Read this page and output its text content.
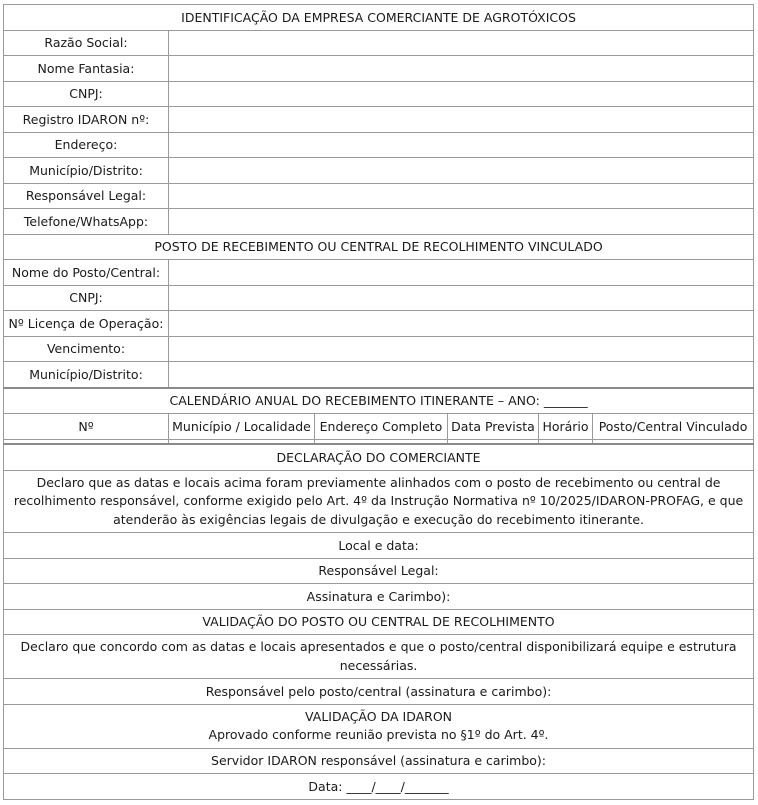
IDENTIFICAÇÃO DA EMPRESA COMERCIANTE DE AGROTÓXICOS					
Razão Social:					
Nome Fantasia:					
CNPJ:					
Registro IDARON nº:					
Endereço:					
Município/Distrito:					
Responsável Legal:					
Telefone/WhatsApp:					
POSTO DE RECEBIMENTO OU CENTRAL DE RECOLHIMENTO VINCULADO					
Nome do Posto/Central:					
CNPJ:					
Nº Licença de Operação:					
Vencimento:					
Município/Distrito:					
CALENDÁRIO ANUAL DO RECEBIMENTO ITINERANTE – ANO: _______					
Nº	Município / Localidade	Endereço Completo	Data Prevista	Horário	Posto/Central Vinculado

DECLARAÇÃO DO COMERCIANTE					
Declaro que as datas e locais acima foram previamente alinhados com o posto de recebimento ou central de recolhimento responsável, conforme exigido pelo Art. 4º da Instrução Normativa nº 10/2025/IDARON-PROFAG, e que atenderão às exigências legais de divulgação e execução do recebimento itinerante.					
Local e data:					
Responsável Legal:					
Assinatura e Carimbo):					
VALIDAÇÃO DO POSTO OU CENTRAL DE RECOLHIMENTO					
Declaro que concordo com as datas e locais apresentados e que o posto/central disponibilizará equipe e estrutura necessárias.					
Responsável pelo posto/central (assinatura e carimbo):					

VALIDAÇÃO DA IDARON
Aprovado conforme reunião prevista no §1º do Art. 4º.					

Servidor IDARON responsável (assinatura e carimbo):					
Data: ____/____/_______					
